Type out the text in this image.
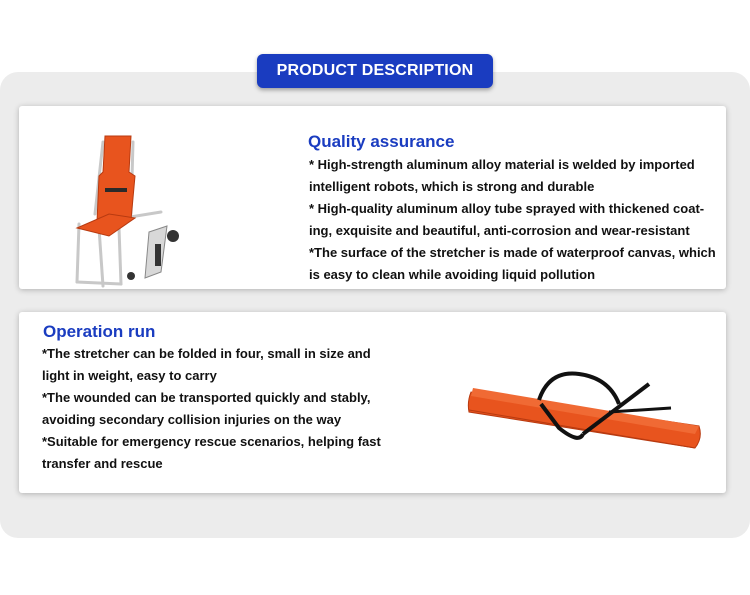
PRODUCT DESCRIPTION
Quality assurance

* High-strength aluminum alloy material is welded by imported intelligent robots, which is strong and durable

* High-quality aluminum alloy tube sprayed with thickened coat-ing, exquisite and beautiful, anti-corrosion and wear-resistant

*The surface of the stretcher is made of waterproof canvas, which is easy to clean while avoiding liquid pollution

Operation run

*The stretcher can be folded in four, small in size and light in weight, easy to carry

*The wounded can be transported quickly and stably, avoiding secondary collision injuries on the way

*Suitable for emergency rescue scenarios, helping fast transfer and rescue
